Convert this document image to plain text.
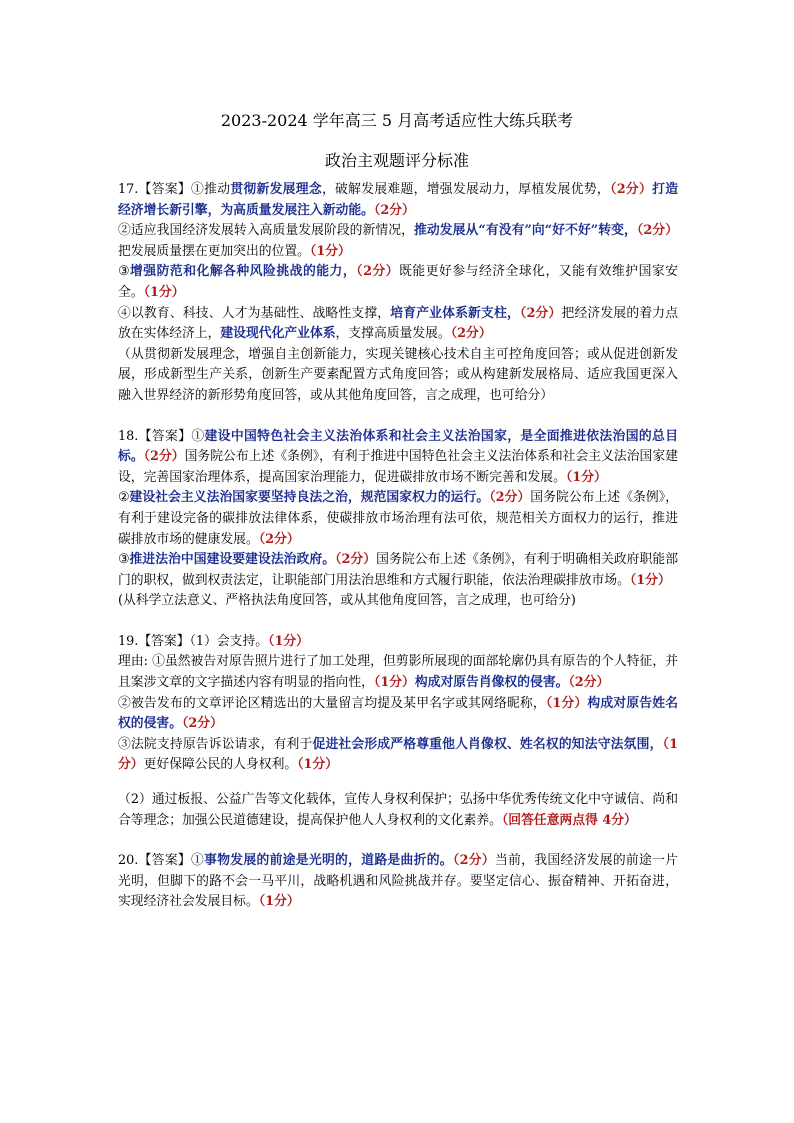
2023-2024 学年高三 5 月高考适应性大练兵联考
政治主观题评分标准

17.【答案】①推动贯彻新发展理念，破解发展难题，增强发展动力，厚植发展优势，（2分）打造经济增长新引擎，为高质量发展注入新动能。（2分）

②适应我国经济发展转入高质量发展阶段的新情况，推动发展从“有没有”向“好不好”转变，（2分）把发展质量摆在更加突出的位置。（1分）

③增强防范和化解各种风险挑战的能力，（2分）既能更好参与经济全球化，又能有效维护国家安全。（1分）

④以教育、科技、人才为基础性、战略性支撑，培育产业体系新支柱，（2分）把经济发展的着力点放在实体经济上，建设现代化产业体系，支撑高质量发展。（2分）

（从贯彻新发展理念，增强自主创新能力，实现关键核心技术自主可控角度回答；或从促进创新发展，形成新型生产关系，创新生产要素配置方式角度回答；或从构建新发展格局、适应我国更深入融入世界经济的新形势角度回答，或从其他角度回答，言之成理，也可给分）

18.【答案】①建设中国特色社会主义法治体系和社会主义法治国家，是全面推进依法治国的总目标。（2分）国务院公布上述《条例》，有利于推进中国特色社会主义法治体系和社会主义法治国家建设，完善国家治理体系，提高国家治理能力，促进碳排放市场不断完善和发展。（1分）

②建设社会主义法治国家要坚持良法之治，规范国家权力的运行。（2分）国务院公布上述《条例》，有利于建设完备的碳排放法律体系，使碳排放市场治理有法可依，规范相关方面权力的运行，推进碳排放市场的健康发展。（2分）

③推进法治中国建设要建设法治政府。（2分）国务院公布上述《条例》，有利于明确相关政府职能部门的职权，做到权责法定，让职能部门用法治思维和方式履行职能，依法治理碳排放市场。（1分）

(从科学立法意义、严格执法角度回答，或从其他角度回答，言之成理，也可给分)

19.【答案】（1）会支持。（1分）

理由: ①虽然被告对原告照片进行了加工处理，但剪影所展现的面部轮廓仍具有原告的个人特征，并且案涉文章的文字描述内容有明显的指向性，（1分）构成对原告肖像权的侵害。（2分）

②被告发布的文章评论区精选出的大量留言均提及某甲名字或其网络昵称，（1分）构成对原告姓名权的侵害。（2分）

③法院支持原告诉讼请求，有利于促进社会形成严格尊重他人肖像权、姓名权的知法守法氛围，（1分）更好保障公民的人身权利。（1分）

（2）通过板报、公益广告等文化载体，宣传人身权利保护；弘扬中华优秀传统文化中守诚信、尚和合等理念；加强公民道德建设，提高保护他人人身权利的文化素养。（回答任意两点得 4分）

20.【答案】①事物发展的前途是光明的，道路是曲折的。（2分）当前，我国经济发展的前途一片光明，但脚下的路不会一马平川，战略机遇和风险挑战并存。要坚定信心、振奋精神、开拓奋进，实现经济社会发展目标。（1分）
